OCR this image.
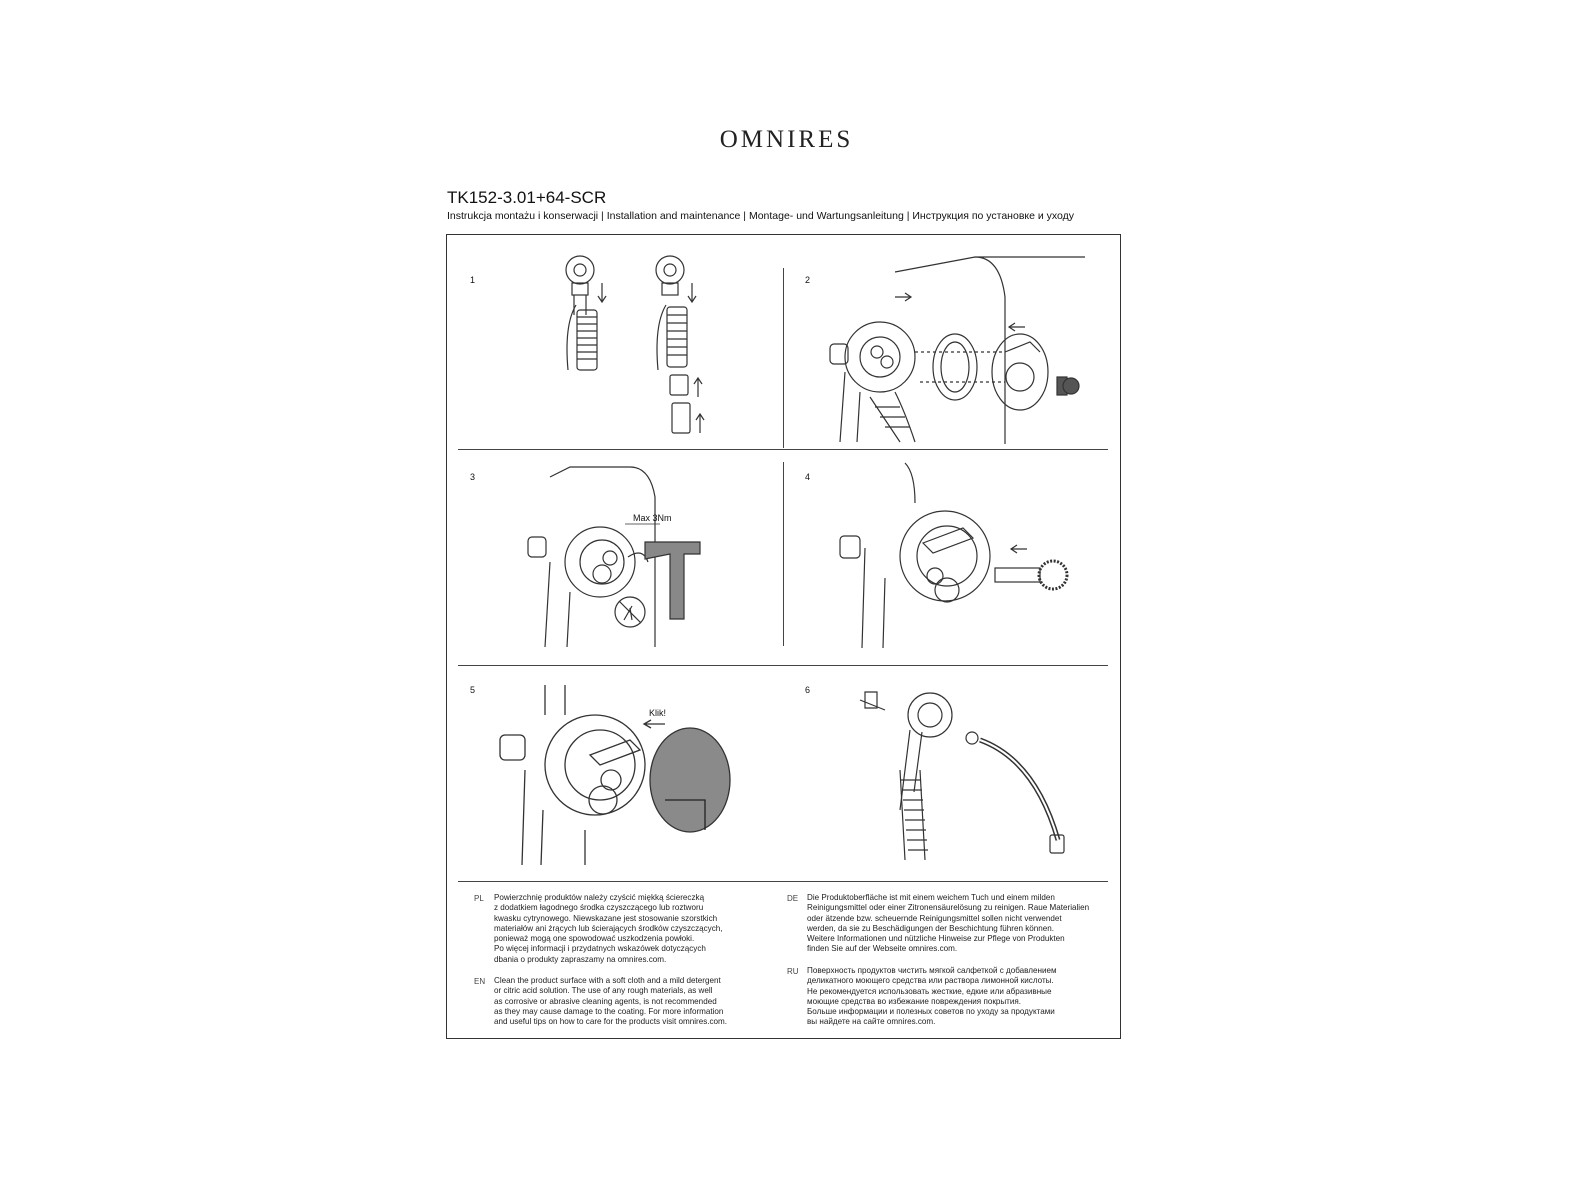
OMNIRES
TK152-3.01+64-SCR
Instrukcja montażu i konserwacji | Installation and maintenance | Montage- und Wartungsanleitung | Инструкция по установке и уходу
1	2
3	4
5	6
Max 3Nm
Klik!
PL Powierzchnię produktów należy czyścić miękką ściereczką
z dodatkiem łagodnego środka czyszczącego lub roztworu
kwasku cytrynowego. Niewskazane jest stosowanie szorstkich
materiałów ani żrących lub ścierających środków czyszczących,
ponieważ mogą one spowodować uszkodzenia powłoki.
Po więcej informacji i przydatnych wskazówek dotyczących
dbania o produkty zapraszamy na omnires.com.
EN Clean the product surface with a soft cloth and a mild detergent
or citric acid solution. The use of any rough materials, as well
as corrosive or abrasive cleaning agents, is not recommended
as they may cause damage to the coating. For more information
and useful tips on how to care for the products visit omnires.com.
DE Die Produktoberfläche ist mit einem weichem Tuch und einem milden
Reinigungsmittel oder einer Zitronensäurelösung zu reinigen. Raue Materialien
oder ätzende bzw. scheuernde Reinigungsmittel sollen nicht verwendet
werden, da sie zu Beschädigungen der Beschichtung führen können.
Weitere Informationen und nützliche Hinweise zur Pflege von Produkten
finden Sie auf der Webseite omnires.com.
RU Поверхность продуктов чистить мягкой салфеткой с добавлением
деликатного моющего средства или раствора лимонной кислоты.
Не рекомендуется использовать жесткие, едкие или абразивные
моющие средства во избежание повреждения покрытия.
Больше информации и полезных советов по уходу за продуктами
вы найдете на сайте omnires.com.
